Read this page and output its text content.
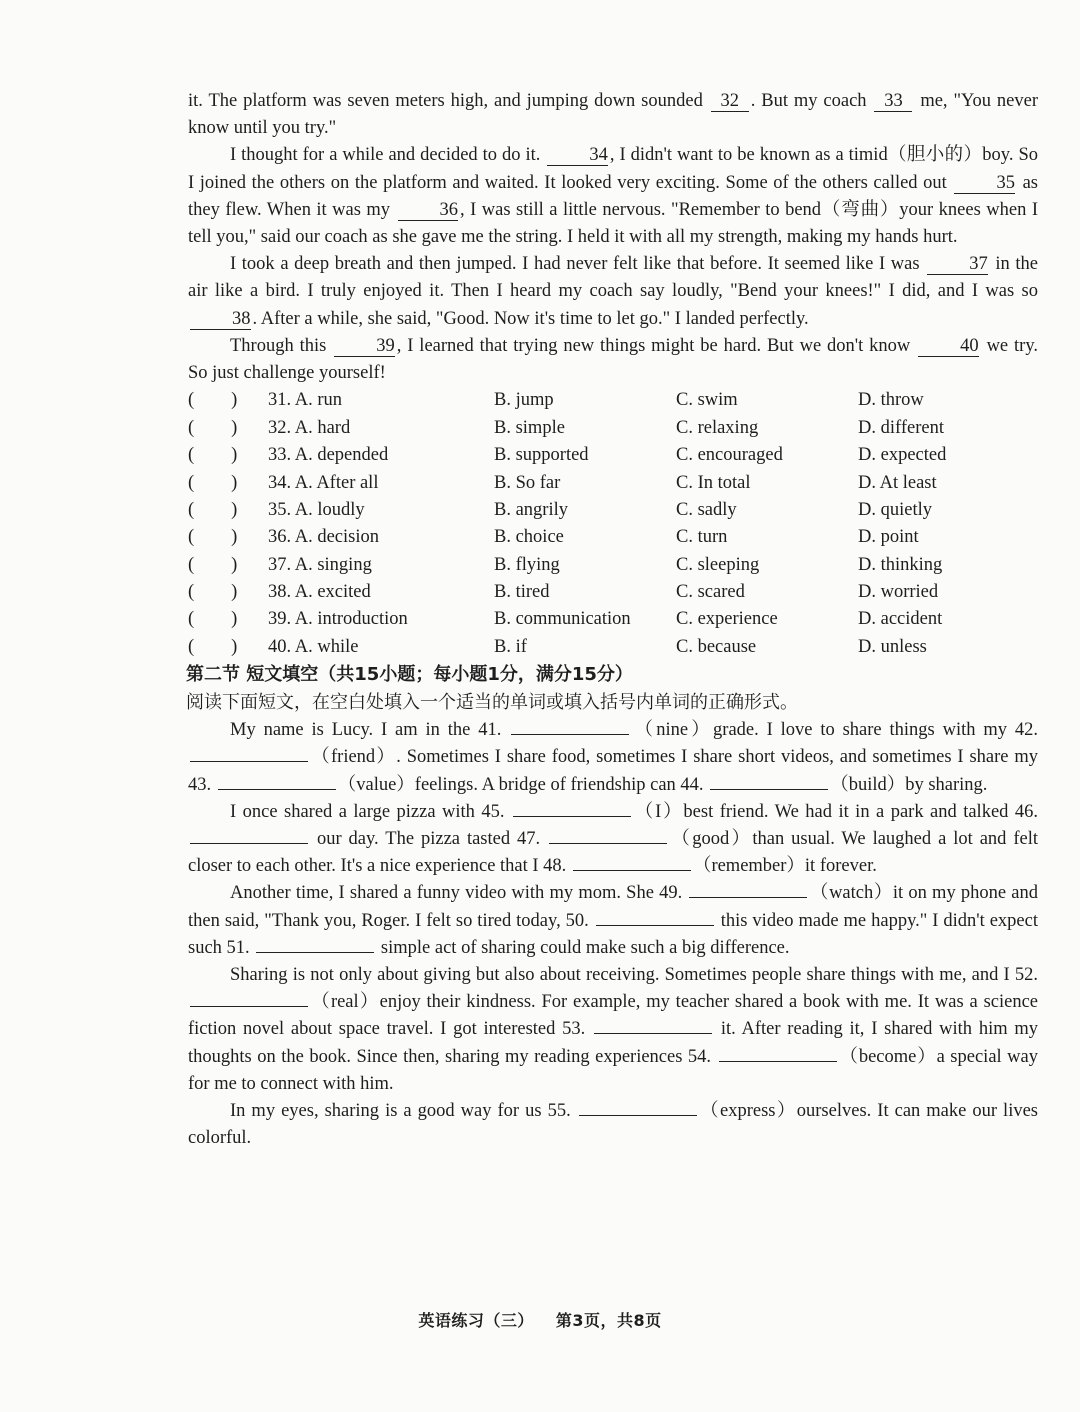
it. The platform was seven meters high, and jumping down sounded 32 . But my coach 33 me, "You never know until you try."

I thought for a while and decided to do it. 34 , I didn't want to be known as a timid（胆小的）boy. So I joined the others on the platform and waited. It looked very exciting. Some of the others called out 35 as they flew. When it was my 36 , I was still a little nervous. "Remember to bend（弯曲）your knees when I tell you," said our coach as she gave me the string. I held it with all my strength, making my hands hurt.

I took a deep breath and then jumped. I had never felt like that before. It seemed like I was 37 in the air like a bird. I truly enjoyed it. Then I heard my coach say loudly, "Bend your knees!" I did, and I was so 38 . After a while, she said, "Good. Now it's time to let go." I landed perfectly.

Through this 39 , I learned that trying new things might be hard. But we don't know 40 we try. So just challenge yourself!

(　　)	31. A. run	B. jump	C. swim	D. throw
(　　)	32. A. hard	B. simple	C. relaxing	D. different
(　　)	33. A. depended	B. supported	C. encouraged	D. expected
(　　)	34. A. After all	B. So far	C. In total	D. At least
(　　)	35. A. loudly	B. angrily	C. sadly	D. quietly
(　　)	36. A. decision	B. choice	C. turn	D. point
(　　)	37. A. singing	B. flying	C. sleeping	D. thinking
(　　)	38. A. excited	B. tired	C. scared	D. worried
(　　)	39. A. introduction	B. communication	C. experience	D. accident
(　　)	40. A. while	B. if	C. because	D. unless

第二节 短文填空（共15小题；每小题1分，满分15分）

阅读下面短文，在空白处填入一个适当的单词或填入括号内单词的正确形式。

My name is Lucy. I am in the 41.	（nine）grade. I love to share things with my 42. （friend）. Sometimes I share food, sometimes I share short videos, and sometimes I share my 43.	（value）feelings. A bridge of friendship can 44.	（build）by sharing.

I once shared a large pizza with 45.	（I）best friend. We had it in a park and talked 46.  our day. The pizza tasted 47.	（good）than usual. We laughed a lot and felt closer to each other. It's a nice experience that I 48.	（remember）it forever.

Another time, I shared a funny video with my mom. She 49.	（watch）it on my phone and then said, "Thank you, Roger. I felt so tired today, 50.	this video made me happy." I didn't expect such 51.	simple act of sharing could make such a big difference.

Sharing is not only about giving but also about receiving. Sometimes people share things with me, and I 52. （real）enjoy their kindness. For example, my teacher shared a book with me. It was a science fiction novel about space travel. I got interested 53.	it. After reading it, I shared with him my thoughts on the book. Since then, sharing my reading experiences 54.	（become）a special way for me to connect with him.

In my eyes, sharing is a good way for us 55.	（express）ourselves. It can make our lives colorful.

英语练习（三） 第3页，共8页
